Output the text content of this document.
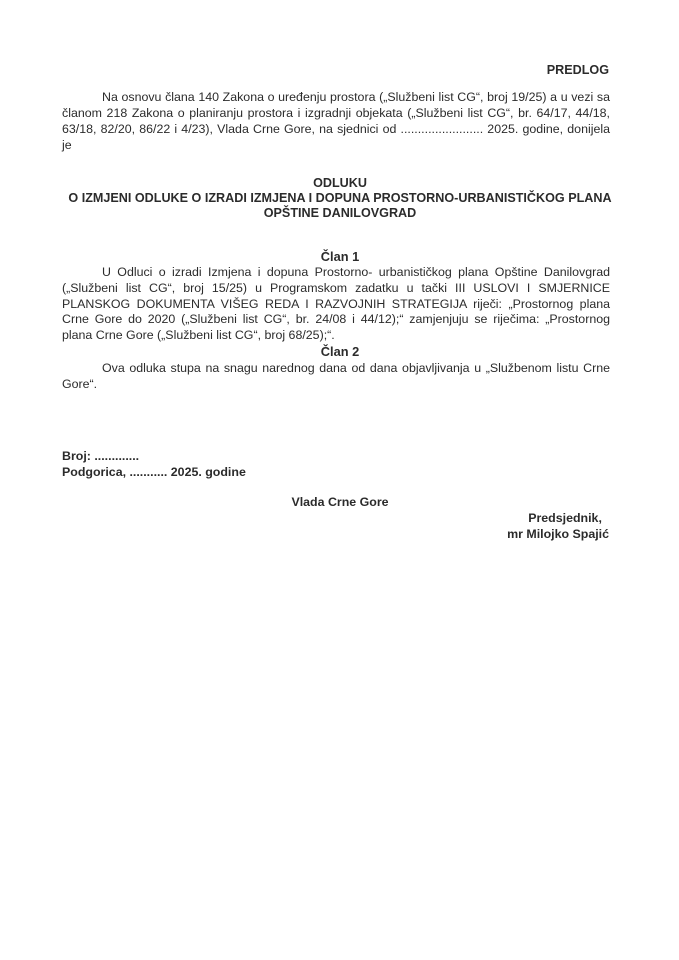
PREDLOG
Na osnovu člana 140 Zakona o uređenju prostora („Službeni list CG“, broj 19/25) a u vezi sa članom 218 Zakona o planiranju prostora i izgradnji objekata („Službeni list CG“, br. 64/17, 44/18, 63/18, 82/20, 86/22 i 4/23), Vlada Crne Gore, na sjednici od ........................ 2025. godine, donijela je
ODLUKU
O IZMJENI ODLUKE O IZRADI IZMJENA I DOPUNA PROSTORNO-URBANISTIČKOG PLANA
OPŠTINE DANILOVGRAD
Član 1
U Odluci o izradi Izmjena i dopuna Prostorno- urbanističkog plana Opštine Danilovgrad („Službeni list CG“, broj 15/25) u Programskom zadatku u tački III USLOVI I SMJERNICE PLANSKOG DOKUMENTA VIŠEG REDA I RAZVOJNIH STRATEGIJA riječi: „Prostornog plana Crne Gore do 2020 („Službeni list CG“, br. 24/08 i 44/12);“ zamjenjuju se riječima: „Prostornog plana Crne Gore („Službeni list CG“, broj 68/25);“.
Član 2
Ova odluka stupa na snagu narednog dana od dana objavljivanja u „Službenom listu Crne Gore“.
Broj: .............
Podgorica, ........... 2025. godine
Vlada Crne Gore
Predsjednik,
mr Milojko Spajić
